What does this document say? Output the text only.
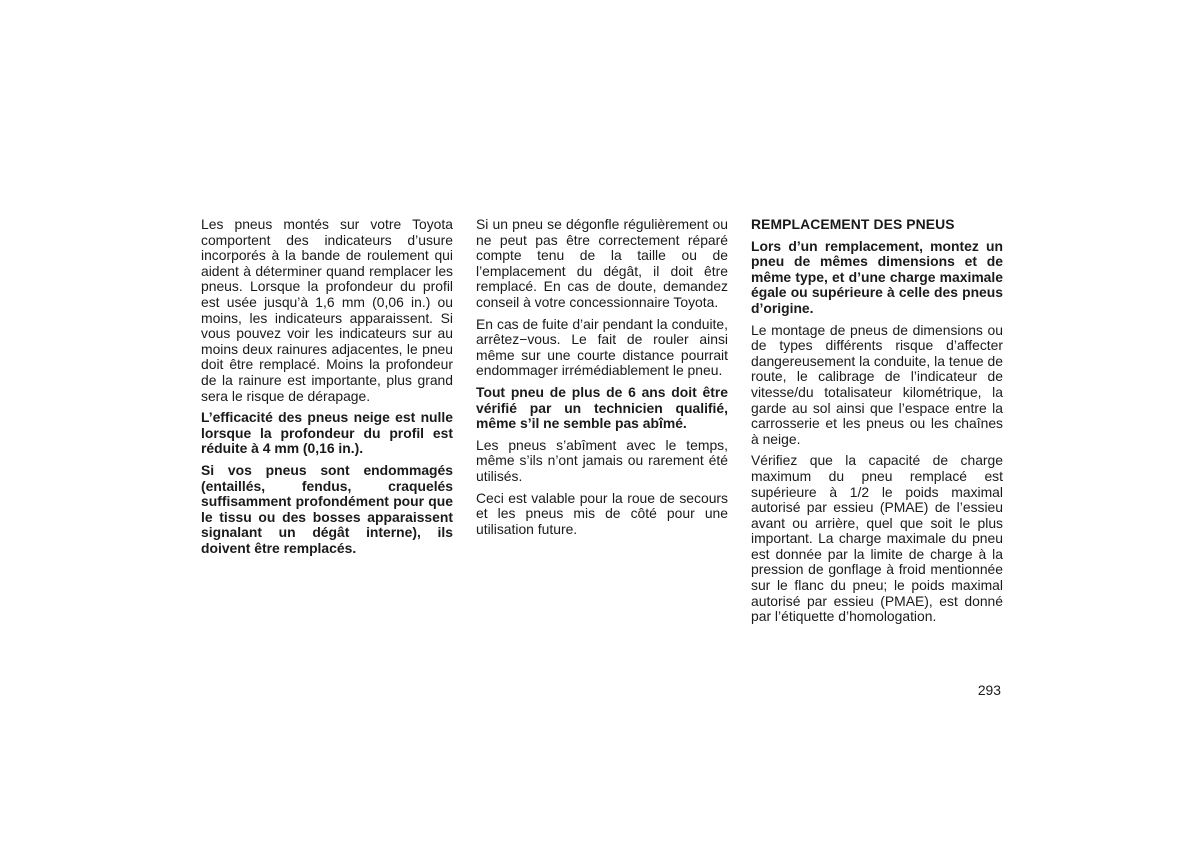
Les pneus montés sur votre Toyota comportent des indicateurs d’usure incorporés à la bande de roulement qui aident à déterminer quand remplacer les pneus. Lorsque la profondeur du profil est usée jusqu’à 1,6 mm (0,06 in.) ou moins, les indicateurs apparaissent. Si vous pouvez voir les indicateurs sur au moins deux rainures adjacentes, le pneu doit être remplacé. Moins la profondeur de la rainure est importante, plus grand sera le risque de dérapage.

L’efficacité des pneus neige est nulle lorsque la profondeur du profil est réduite à 4 mm (0,16 in.).

Si vos pneus sont endommagés (entaillés, fendus, craquelés suffisamment profondément pour que le tissu ou des bosses apparaissent signalant un dégât interne), ils doivent être remplacés.

Si un pneu se dégonfle régulièrement ou ne peut pas être correctement réparé compte tenu de la taille ou de l’emplacement du dégât, il doit être remplacé. En cas de doute, demandez conseil à votre concessionnaire Toyota.

En cas de fuite d’air pendant la conduite, arrêtez−vous. Le fait de rouler ainsi même sur une courte distance pourrait endommager irrémédiablement le pneu.

Tout pneu de plus de 6 ans doit être vérifié par un technicien qualifié, même s’il ne semble pas abîmé.

Les pneus s’abîment avec le temps, même s’ils n’ont jamais ou rarement été utilisés.

Ceci est valable pour la roue de secours et les pneus mis de côté pour une utilisation future.

REMPLACEMENT DES PNEUS

Lors d’un remplacement, montez un pneu de mêmes dimensions et de même type, et d’une charge maximale égale ou supérieure à celle des pneus d’origine.

Le montage de pneus de dimensions ou de types différents risque d’affecter dangereusement la conduite, la tenue de route, le calibrage de l’indicateur de vitesse/du totalisateur kilométrique, la garde au sol ainsi que l’espace entre la carrosserie et les pneus ou les chaînes à neige.

Vérifiez que la capacité de charge maximum du pneu remplacé est supérieure à 1/2 le poids maximal autorisé par essieu (PMAE) de l’essieu avant ou arrière, quel que soit le plus important. La charge maximale du pneu est donnée par la limite de charge à la pression de gonflage à froid mentionnée sur le flanc du pneu; le poids maximal autorisé par essieu (PMAE), est donné par l’étiquette d’homologation.

293
